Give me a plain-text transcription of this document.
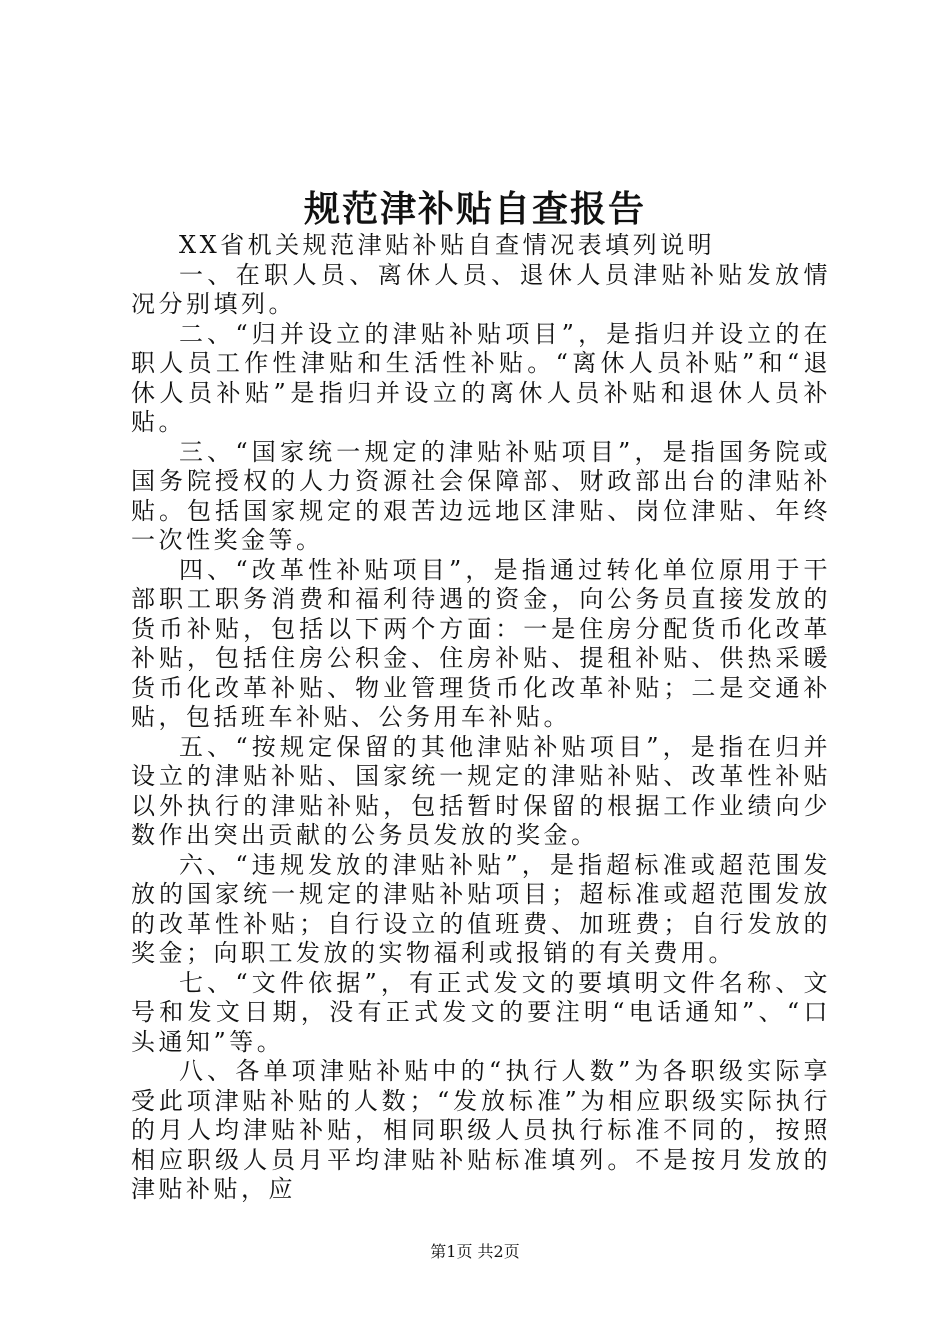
规范津补贴自查报告

XX省机关规范津贴补贴自查情况表填列说明

一、在职人员、离休人员、退休人员津贴补贴发放情况分别填列。

二、“归并设立的津贴补贴项目”，是指归并设立的在职人员工作性津贴和生活性补贴。“离休人员补贴”和“退休人员补贴”是指归并设立的离休人员补贴和退休人员补贴。

三、“国家统一规定的津贴补贴项目”，是指国务院或国务院授权的人力资源社会保障部、财政部出台的津贴补贴。包括国家规定的艰苦边远地区津贴、岗位津贴、年终一次性奖金等。

四、“改革性补贴项目”，是指通过转化单位原用于干部职工职务消费和福利待遇的资金，向公务员直接发放的货币补贴，包括以下两个方面：一是住房分配货币化改革补贴，包括住房公积金、住房补贴、提租补贴、供热采暖货币化改革补贴、物业管理货币化改革补贴；二是交通补贴，包括班车补贴、公务用车补贴。

五、“按规定保留的其他津贴补贴项目”，是指在归并设立的津贴补贴、国家统一规定的津贴补贴、改革性补贴以外执行的津贴补贴，包括暂时保留的根据工作业绩向少数作出突出贡献的公务员发放的奖金。

六、“违规发放的津贴补贴”，是指超标准或超范围发放的国家统一规定的津贴补贴项目；超标准或超范围发放的改革性补贴；自行设立的值班费、加班费；自行发放的奖金；向职工发放的实物福利或报销的有关费用。

七、“文件依据”，有正式发文的要填明文件名称、文号和发文日期，没有正式发文的要注明“电话通知”、“口头通知”等。

八、各单项津贴补贴中的“执行人数”为各职级实际享受此项津贴补贴的人数；“发放标准”为相应职级实际执行的月人均津贴补贴，相同职级人员执行标准不同的，按照相应职级人员月平均津贴补贴标准填列。不是按月发放的津贴补贴，应

第1页 共2页
